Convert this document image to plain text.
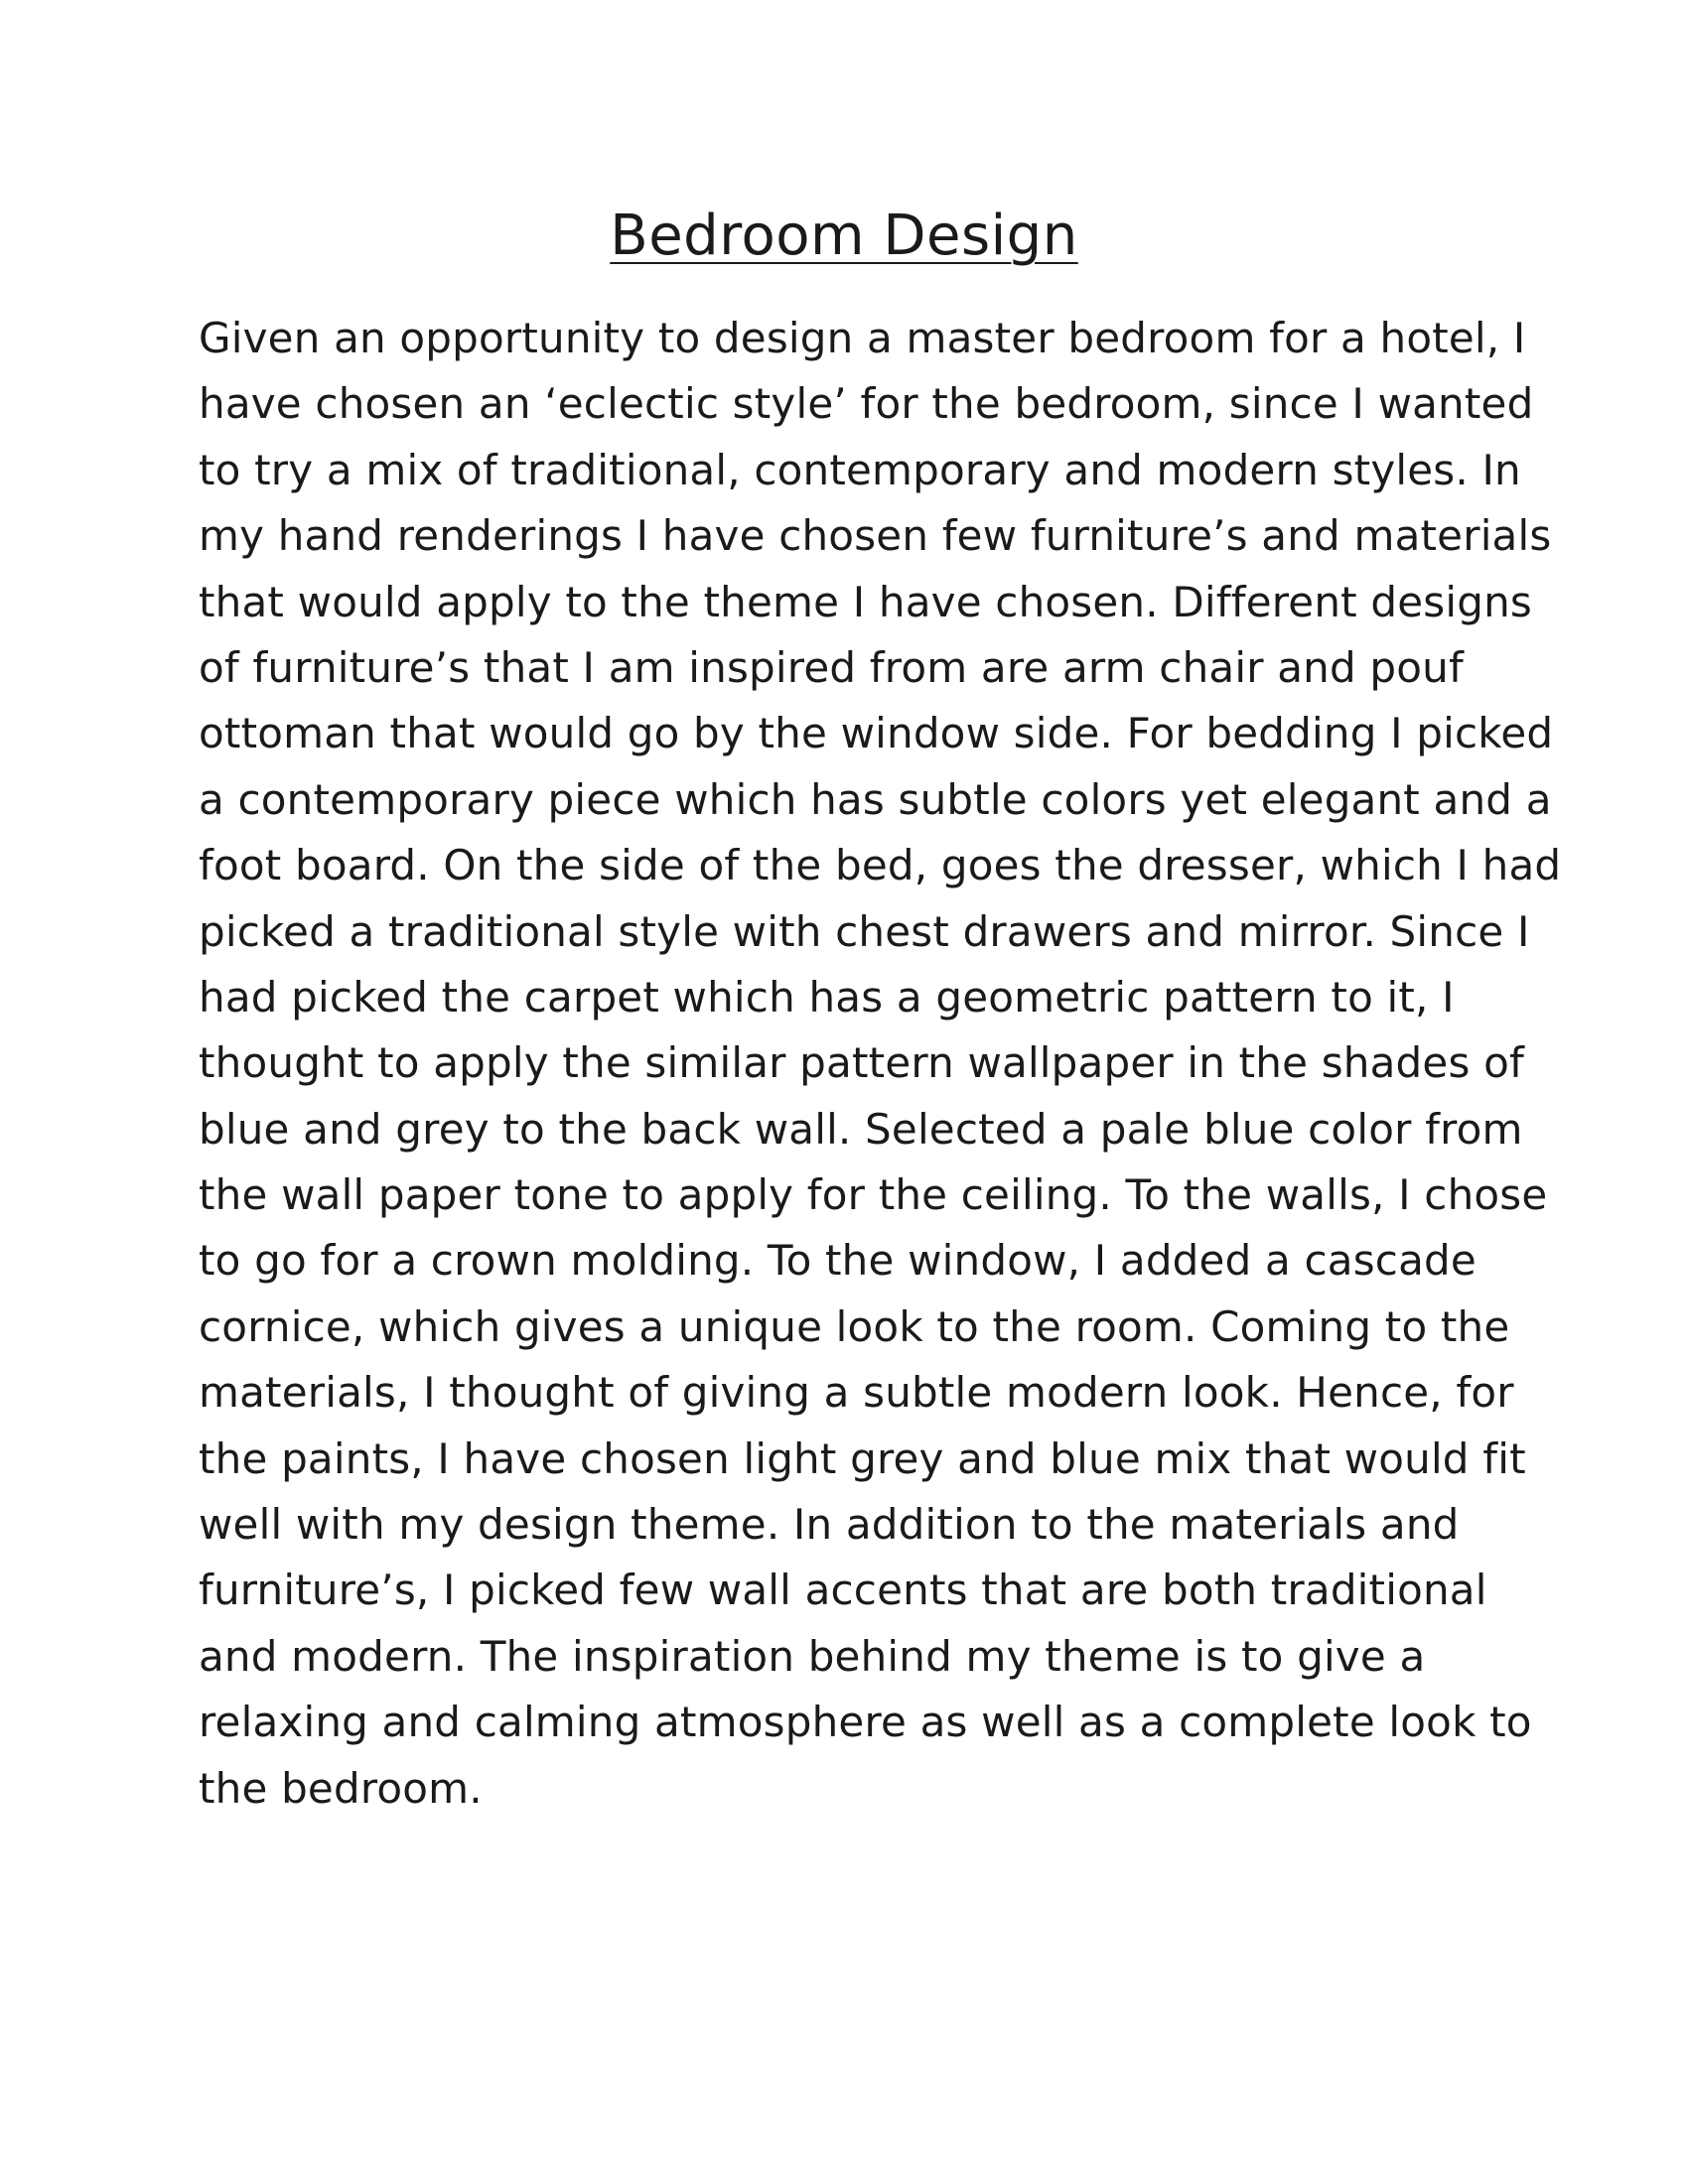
Bedroom Design
Given an opportunity to design a master bedroom for a hotel, I
have chosen an ‘eclectic style’ for the bedroom, since I wanted
to try a mix of traditional, contemporary and modern styles. In
my hand renderings I have chosen few furniture’s and materials
that would apply to the theme I have chosen. Different designs
of furniture’s that I am inspired from are arm chair and pouf
ottoman that would go by the window side. For bedding I picked
a contemporary piece which has subtle colors yet elegant and a
foot board. On the side of the bed, goes the dresser, which I had
picked a traditional style with chest drawers and mirror. Since I
had picked the carpet which has a geometric pattern to it, I
thought to apply the similar pattern wallpaper in the shades of
blue and grey to the back wall. Selected a pale blue color from
the wall paper tone to apply for the ceiling. To the walls, I chose
to go for a crown molding. To the window, I added a cascade
cornice, which gives a unique look to the room. Coming to the
materials, I thought of giving a subtle modern look. Hence, for
the paints, I have chosen light grey and blue mix that would fit
well with my design theme. In addition to the materials and
furniture’s, I picked few wall accents that are both traditional
and modern. The inspiration behind my theme is to give a
relaxing and calming atmosphere as well as a complete look to
the bedroom.
